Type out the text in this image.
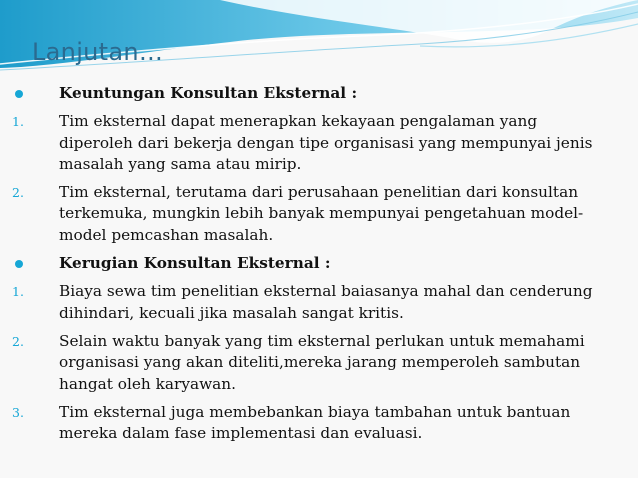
Lanjutan…
Keuntungan Konsultan Eksternal :
1. Tim eksternal dapat menerapkan kekayaan pengalaman yang diperoleh dari bekerja dengan tipe organisasi yang mempunyai jenis masalah yang sama atau mirip.
2. Tim eksternal, terutama dari perusahaan penelitian dari konsultan terkemuka, mungkin lebih banyak mempunyai pengetahuan model-model pemcashan masalah.
Kerugian Konsultan Eksternal :
1. Biaya sewa tim penelitian eksternal baiasanya mahal dan cenderung dihindari, kecuali jika masalah sangat kritis.
2. Selain waktu banyak yang tim eksternal perlukan untuk memahami organisasi yang akan diteliti,mereka jarang memperoleh sambutan hangat oleh karyawan.
3. Tim eksternal juga membebankan biaya tambahan untuk bantuan mereka dalam fase implementasi dan evaluasi.
